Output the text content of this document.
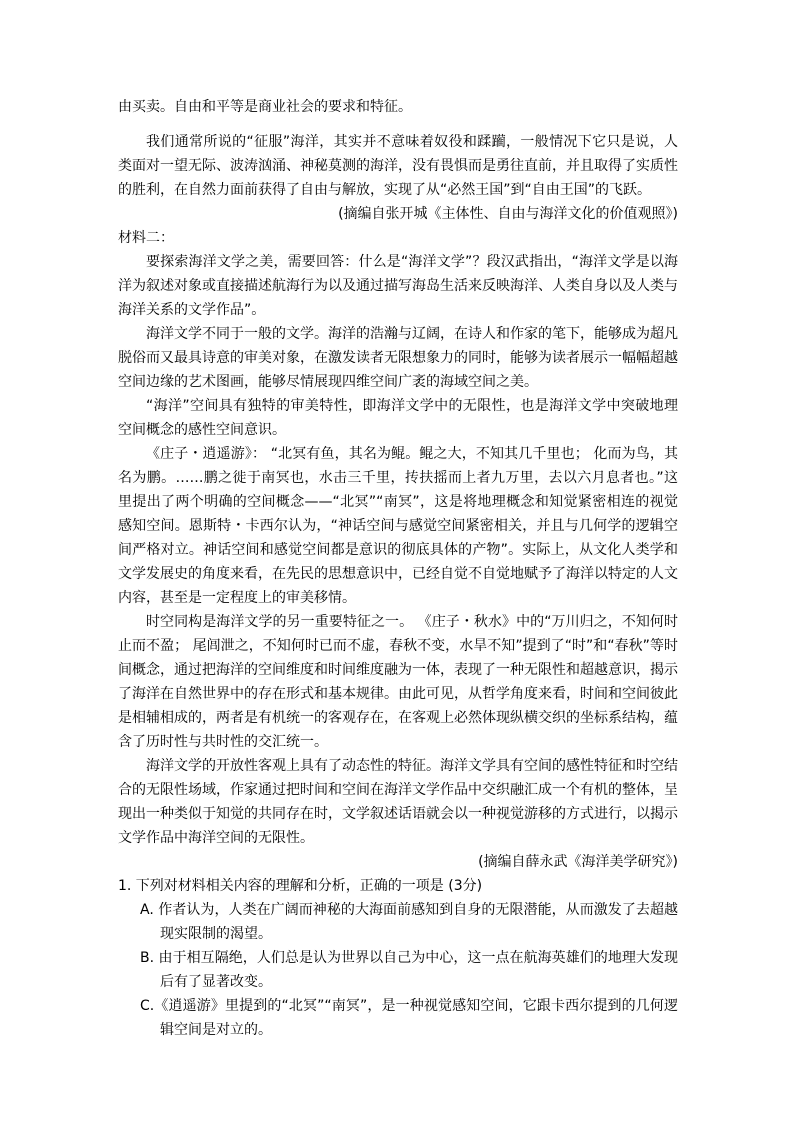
由买卖。自由和平等是商业社会的要求和特征。

我们通常所说的“征服”海洋，其实并不意味着奴役和蹂躏，一般情况下它只是说，人类面对一望无际、波涛汹涌、神秘莫测的海洋，没有畏惧而是勇往直前，并且取得了实质性的胜利，在自然力面前获得了自由与解放，实现了从“必然王国”到“自由王国”的飞跃。

(摘编自张开城《主体性、自由与海洋文化的价值观照》)

材料二：

要探索海洋文学之美，需要回答：什么是“海洋文学”？段汉武指出，“海洋文学是以海洋为叙述对象或直接描述航海行为以及通过描写海岛生活来反映海洋、人类自身以及人类与海洋关系的文学作品”。

海洋文学不同于一般的文学。海洋的浩瀚与辽阔，在诗人和作家的笔下，能够成为超凡脱俗而又最具诗意的审美对象，在激发读者无限想象力的同时，能够为读者展示一幅幅超越空间边缘的艺术图画，能够尽情展现四维空间广袤的海域空间之美。

“海洋”空间具有独特的审美特性，即海洋文学中的无限性，也是海洋文学中突破地理空间概念的感性空间意识。

《庄子・逍遥游》： “北冥有鱼，其名为鲲。鲲之大，不知其几千里也； 化而为鸟，其名为鹏。……鹏之徙于南冥也，水击三千里，抟扶摇而上者九万里，去以六月息者也。”这里提出了两个明确的空间概念——“北冥”“南冥”，这是将地理概念和知觉紧密相连的视觉感知空间。恩斯特・卡西尔认为，“神话空间与感觉空间紧密相关，并且与几何学的逻辑空间严格对立。神话空间和感觉空间都是意识的彻底具体的产物”。实际上，从文化人类学和文学发展史的角度来看，在先民的思想意识中，已经自觉不自觉地赋予了海洋以特定的人文内容，甚至是一定程度上的审美移情。

时空同构是海洋文学的另一重要特征之一。 《庄子・秋水》中的“万川归之，不知何时止而不盈； 尾闾泄之，不知何时已而不虚，春秋不变，水旱不知”提到了“时”和“春秋”等时间概念，通过把海洋的空间维度和时间维度融为一体，表现了一种无限性和超越意识，揭示了海洋在自然世界中的存在形式和基本规律。由此可见，从哲学角度来看，时间和空间彼此是相辅相成的，两者是有机统一的客观存在，在客观上必然体现纵横交织的坐标系结构，蕴含了历时性与共时性的交汇统一。

海洋文学的开放性客观上具有了动态性的特征。海洋文学具有空间的感性特征和时空结合的无限性场域，作家通过把时间和空间在海洋文学作品中交织融汇成一个有机的整体，呈现出一种类似于知觉的共同存在时，文学叙述话语就会以一种视觉游移的方式进行，以揭示文学作品中海洋空间的无限性。

(摘编自薛永武《海洋美学研究》)

1. 下列对材料相关内容的理解和分析，正确的一项是 (3分)

A. 作者认为，人类在广阔而神秘的大海面前感知到自身的无限潜能，从而激发了去超越现实限制的渴望。

B. 由于相互隔绝，人们总是认为世界以自己为中心，这一点在航海英雄们的地理大发现后有了显著改变。

C.《逍遥游》里提到的“北冥”“南冥”，是一种视觉感知空间，它跟卡西尔提到的几何逻辑空间是对立的。
